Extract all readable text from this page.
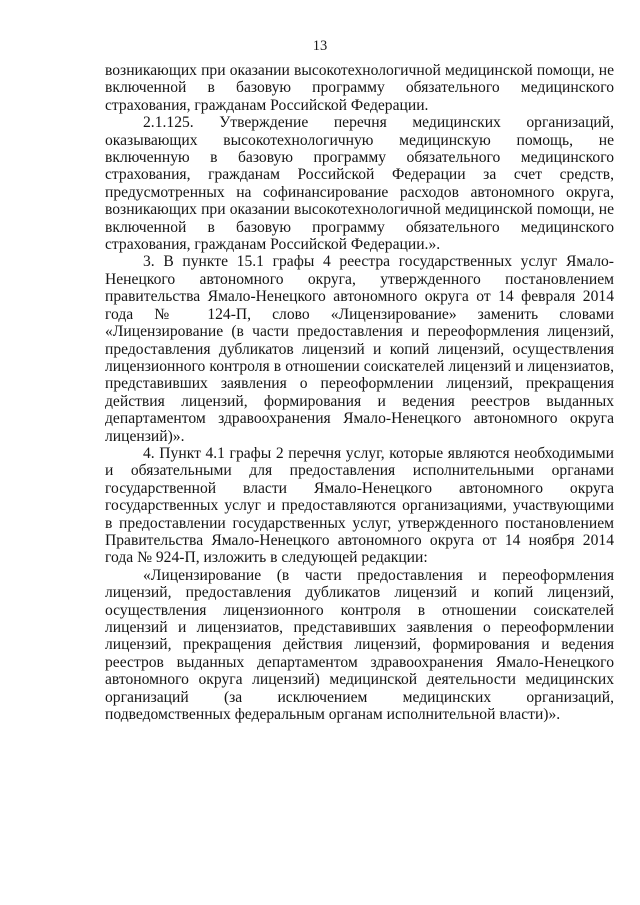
13

возникающих при оказании высокотехнологичной медицинской помощи, не включенной в базовую программу обязательного медицинского страхования, гражданам Российской Федерации.

2.1.125. Утверждение перечня медицинских организаций, оказывающих высокотехнологичную медицинскую помощь, не включенную в базовую программу обязательного медицинского страхования, гражданам Российской Федерации за счет средств, предусмотренных на софинансирование расходов автономного округа, возникающих при оказании высокотехнологичной медицинской помощи, не включенной в базовую программу обязательного медицинского страхования, гражданам Российской Федерации.».

3. В пункте 15.1 графы 4 реестра государственных услуг Ямало-Ненецкого автономного округа, утвержденного постановлением правительства Ямало-Ненецкого автономного округа от 14 февраля 2014 года № 124-П, слово «Лицензирование» заменить словами «Лицензирование (в части предоставления и переоформления лицензий, предоставления дубликатов лицензий и копий лицензий, осуществления лицензионного контроля в отношении соискателей лицензий и лицензиатов, представивших заявления о переоформлении лицензий, прекращения действия лицензий, формирования и ведения реестров выданных департаментом здравоохранения Ямало-Ненецкого автономного округа лицензий)».

4. Пункт 4.1 графы 2 перечня услуг, которые являются необходимыми и обязательными для предоставления исполнительными органами государственной власти Ямало-Ненецкого автономного округа государственных услуг и предоставляются организациями, участвующими в предоставлении государственных услуг, утвержденного постановлением Правительства Ямало-Ненецкого автономного округа от 14 ноября 2014 года № 924-П, изложить в следующей редакции:

«Лицензирование (в части предоставления и переоформления лицензий, предоставления дубликатов лицензий и копий лицензий, осуществления лицензионного контроля в отношении соискателей лицензий и лицензиатов, представивших заявления о переоформлении лицензий, прекращения действия лицензий, формирования и ведения реестров выданных департаментом здравоохранения Ямало-Ненецкого автономного округа лицензий) медицинской деятельности медицинских организаций (за исключением медицинских организаций, подведомственных федеральным органам исполнительной власти)».
